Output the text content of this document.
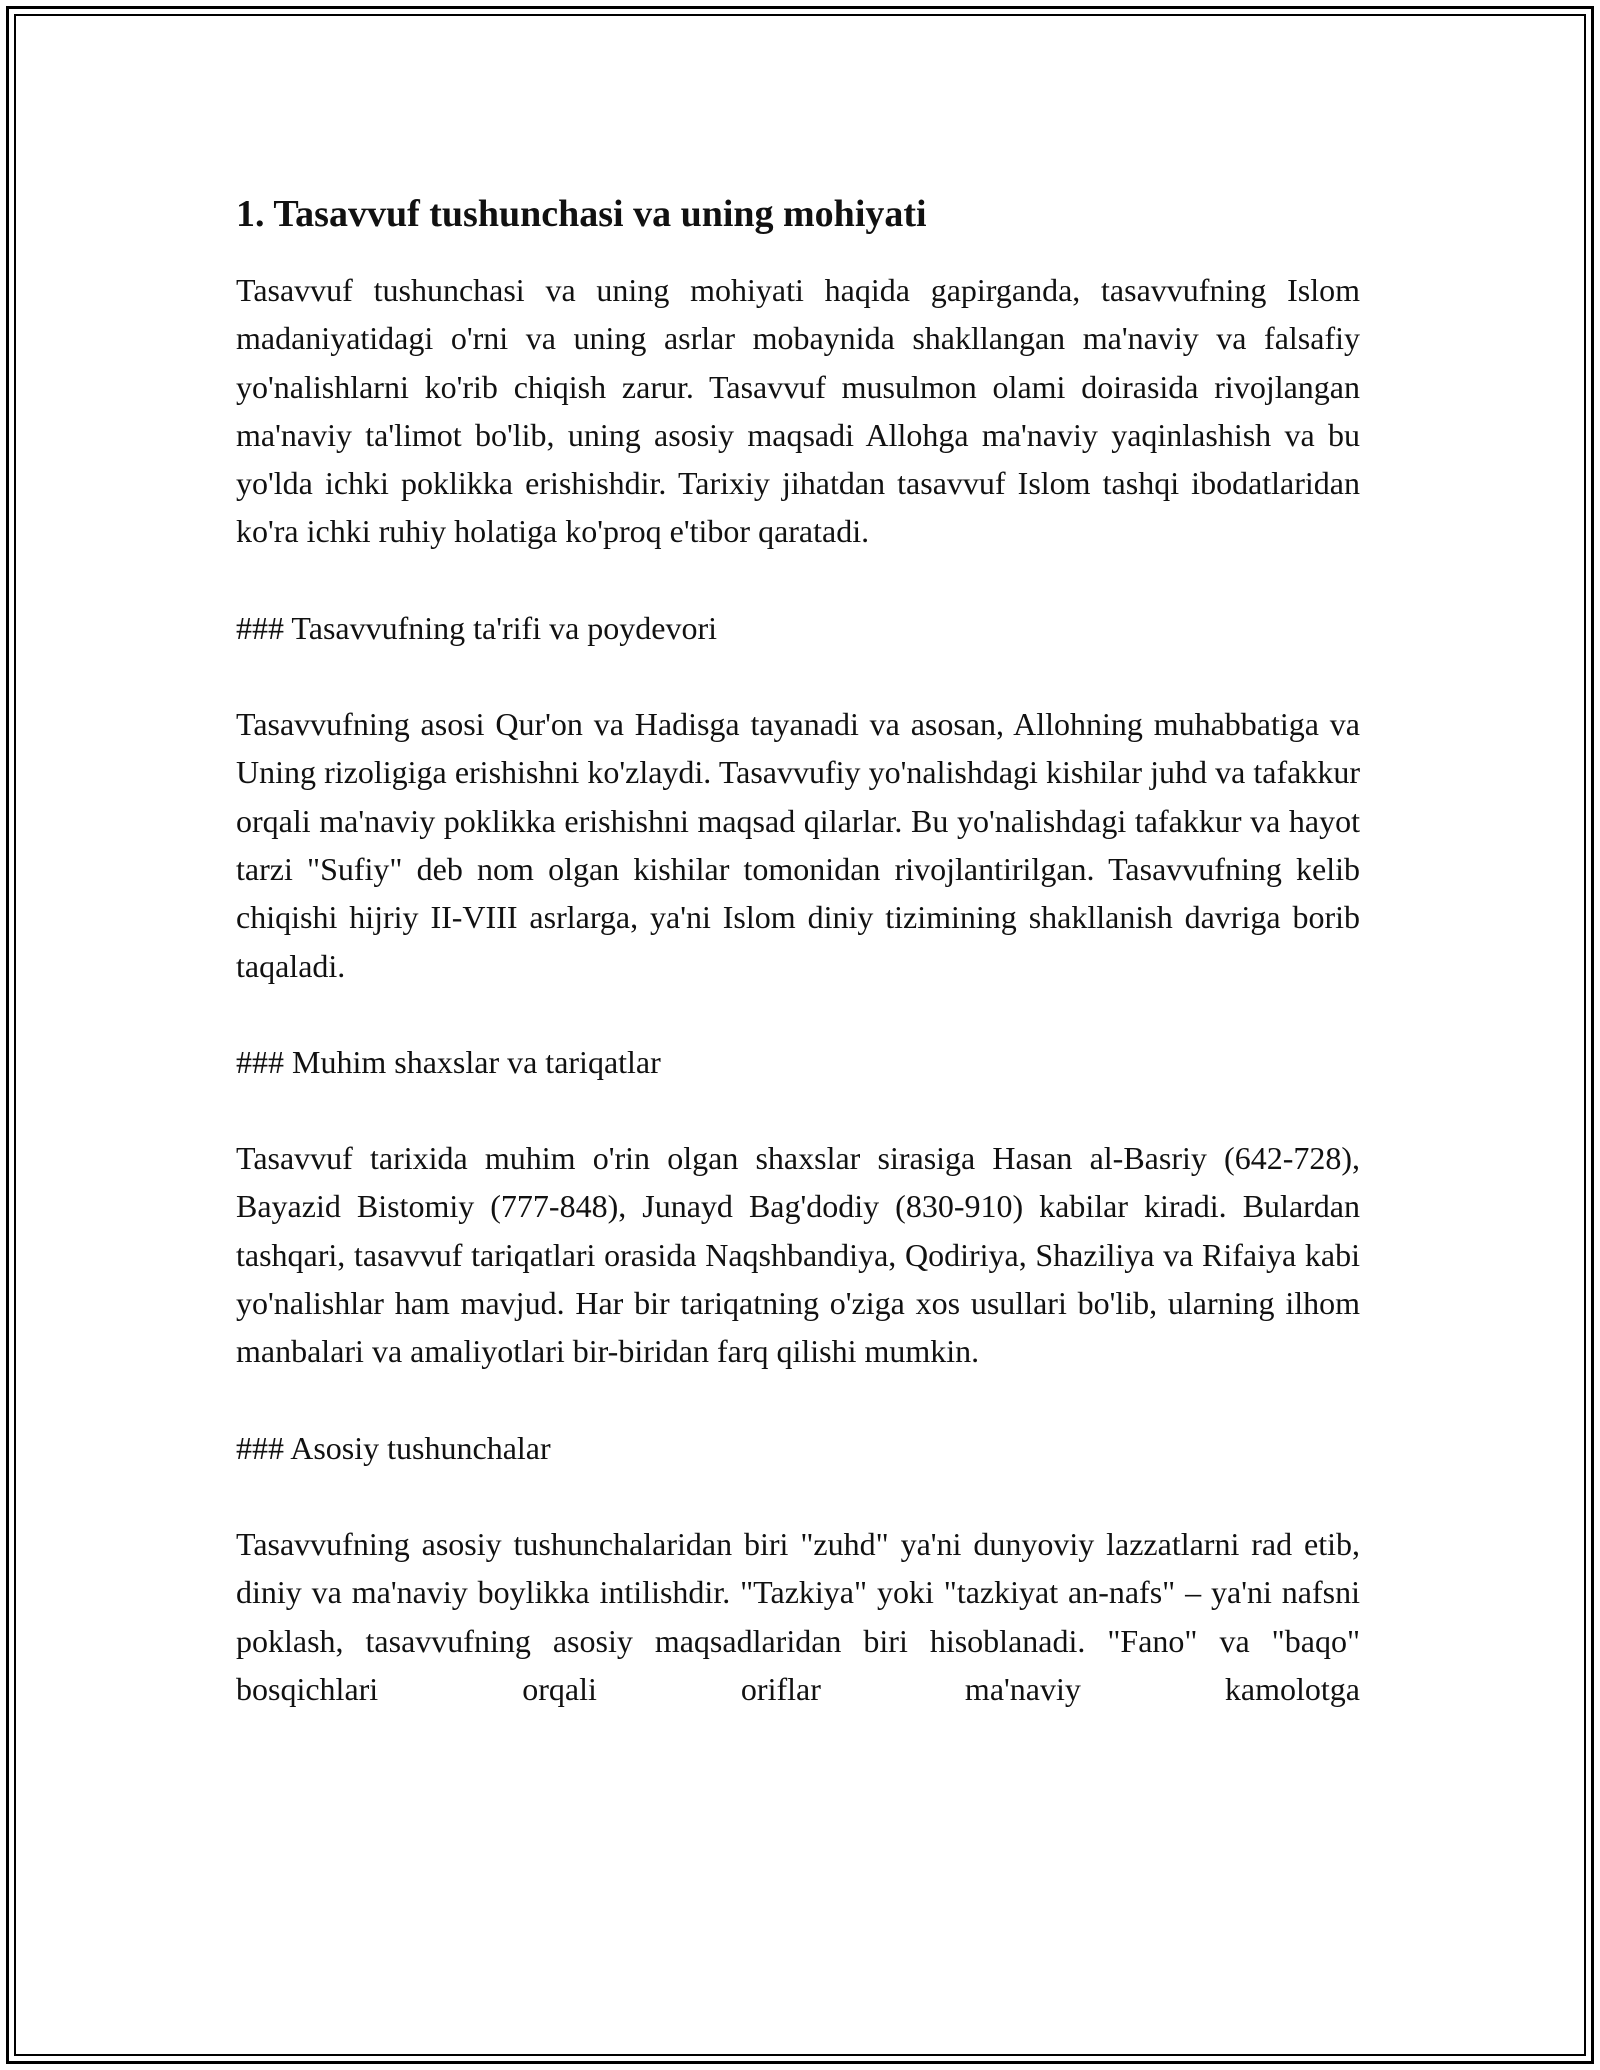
1. Tasavvuf tushunchasi va uning mohiyati

Tasavvuf tushunchasi va uning mohiyati haqida gapirganda, tasavvufning Islom madaniyatidagi o'rni va uning asrlar mobaynida shakllangan ma'naviy va falsafiy yo'nalishlarni ko'rib chiqish zarur. Tasavvuf musulmon olami doirasida rivojlangan ma'naviy ta'limot bo'lib, uning asosiy maqsadi Allohga ma'naviy yaqinlashish va bu yo'lda ichki poklikka erishishdir. Tarixiy jihatdan tasavvuf Islom tashqi ibodatlaridan ko'ra ichki ruhiy holatiga ko'proq e'tibor qaratadi.

### Tasavvufning ta'rifi va poydevori

Tasavvufning asosi Qur'on va Hadisga tayanadi va asosan, Allohning muhabbatiga va Uning rizoligiga erishishni ko'zlaydi. Tasavvufiy yo'nalishdagi kishilar juhd va tafakkur orqali ma'naviy poklikka erishishni maqsad qilarlar. Bu yo'nalishdagi tafakkur va hayot tarzi "Sufiy" deb nom olgan kishilar tomonidan rivojlantirilgan. Tasavvufning kelib chiqishi hijriy II-VIII asrlarga, ya'ni Islom diniy tizimining shakllanish davriga borib taqaladi.

### Muhim shaxslar va tariqatlar

Tasavvuf tarixida muhim o'rin olgan shaxslar sirasiga Hasan al-Basriy (642-728), Bayazid Bistomiy (777-848), Junayd Bag'dodiy (830-910) kabilar kiradi. Bulardan tashqari, tasavvuf tariqatlari orasida Naqshbandiya, Qodiriya, Shaziliya va Rifaiya kabi yo'nalishlar ham mavjud. Har bir tariqatning o'ziga xos usullari bo'lib, ularning ilhom manbalari va amaliyotlari bir-biridan farq qilishi mumkin.

### Asosiy tushunchalar

Tasavvufning asosiy tushunchalaridan biri "zuhd" ya'ni dunyoviy lazzatlarni rad etib, diniy va ma'naviy boylikka intilishdir. "Tazkiya" yoki "tazkiyat an-nafs" – ya'ni nafsni poklash, tasavvufning asosiy maqsadlaridan biri hisoblanadi. "Fano" va "baqo" bosqichlari orqali oriflar ma'naviy kamolotga
